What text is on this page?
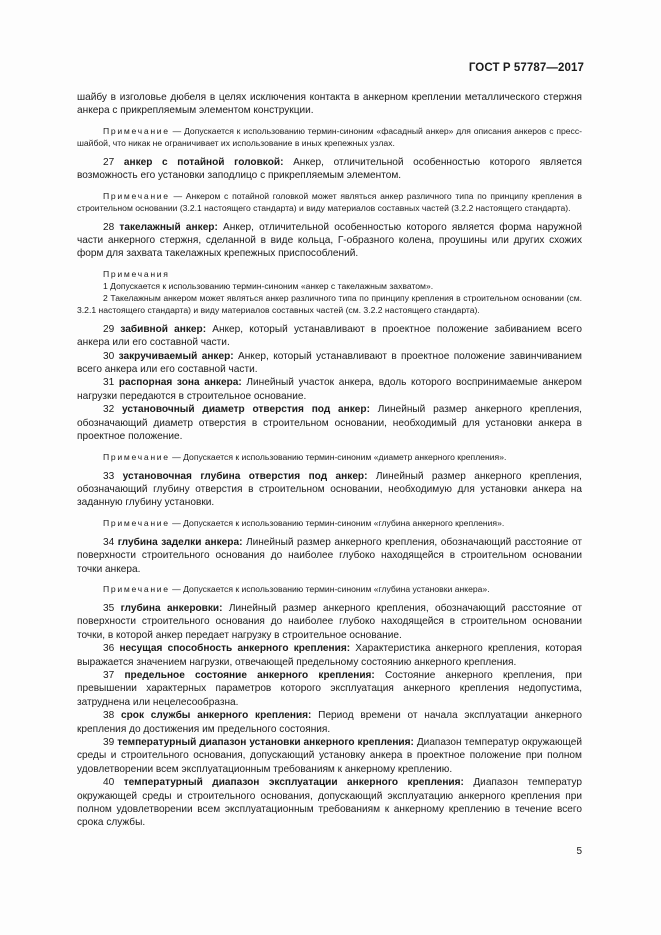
ГОСТ Р 57787—2017

шайбу в изголовье дюбеля в целях исключения контакта в анкерном креплении металлического стержня анкера с прикрепляемым элементом конструкции.

Примечание — Допускается к использованию термин-синоним «фасадный анкер» для описания анкеров с пресс-шайбой, что никак не ограничивает их использование в иных крепежных узлах.

27 анкер с потайной головкой: Анкер, отличительной особенностью которого является возможность его установки заподлицо с прикрепляемым элементом.

Примечание — Анкером с потайной головкой может являться анкер различного типа по принципу крепления в строительном основании (3.2.1 настоящего стандарта) и виду материалов составных частей (3.2.2 настоящего стандарта).

28 такелажный анкер: Анкер, отличительной особенностью которого является форма наружной части анкерного стержня, сделанной в виде кольца, Г-образного колена, проушины или других схожих форм для захвата такелажных крепежных приспособлений.

Примечания

1 Допускается к использованию термин-синоним «анкер с такелажным захватом».

2 Такелажным анкером может являться анкер различного типа по принципу крепления в строительном основании (см. 3.2.1 настоящего стандарта) и виду материалов составных частей (см. 3.2.2 настоящего стандарта).

29 забивной анкер: Анкер, который устанавливают в проектное положение забиванием всего анкера или его составной части.

30 закручиваемый анкер: Анкер, который устанавливают в проектное положение завинчиванием всего анкера или его составной части.

31 распорная зона анкера: Линейный участок анкера, вдоль которого воспринимаемые анкером нагрузки передаются в строительное основание.

32 установочный диаметр отверстия под анкер: Линейный размер анкерного крепления, обозначающий диаметр отверстия в строительном основании, необходимый для установки анкера в проектное положение.

Примечание — Допускается к использованию термин-синоним «диаметр анкерного крепления».

33 установочная глубина отверстия под анкер: Линейный размер анкерного крепления, обозначающий глубину отверстия в строительном основании, необходимую для установки анкера на заданную глубину установки.

Примечание — Допускается к использованию термин-синоним «глубина анкерного крепления».

34 глубина заделки анкера: Линейный размер анкерного крепления, обозначающий расстояние от поверхности строительного основания до наиболее глубоко находящейся в строительном основании точки анкера.

Примечание — Допускается к использованию термин-синоним «глубина установки анкера».

35 глубина анкеровки: Линейный размер анкерного крепления, обозначающий расстояние от поверхности строительного основания до наиболее глубоко находящейся в строительном основании точки, в которой анкер передает нагрузку в строительное основание.

36 несущая способность анкерного крепления: Характеристика анкерного крепления, которая выражается значением нагрузки, отвечающей предельному состоянию анкерного крепления.

37 предельное состояние анкерного крепления: Состояние анкерного крепления, при превышении характерных параметров которого эксплуатация анкерного крепления недопустима, затруднена или нецелесообразна.

38 срок службы анкерного крепления: Период времени от начала эксплуатации анкерного крепления до достижения им предельного состояния.

39 температурный диапазон установки анкерного крепления: Диапазон температур окружающей среды и строительного основания, допускающий установку анкера в проектное положение при полном удовлетворении всем эксплуатационным требованиям к анкерному креплению.

40 температурный диапазон эксплуатации анкерного крепления: Диапазон температур окружающей среды и строительного основания, допускающий эксплуатацию анкерного крепления при полном удовлетворении всем эксплуатационным требованиям к анкерному креплению в течение всего срока службы.

5
